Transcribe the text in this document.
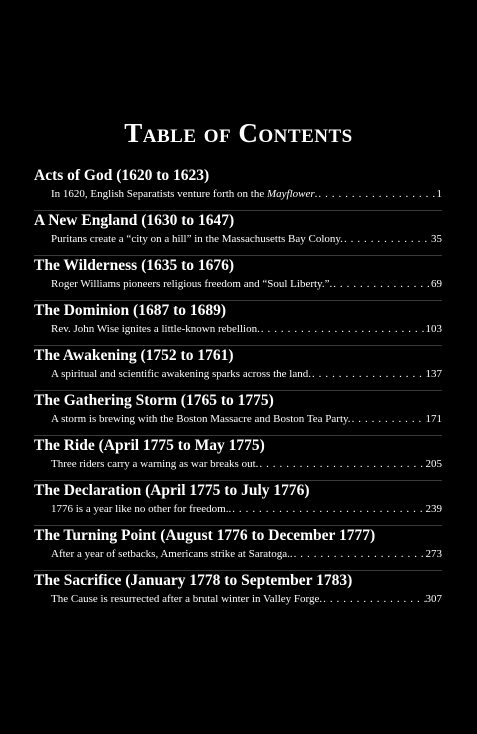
Table of Contents
Acts of God (1620 to 1623)
In 1620, English Separatists venture forth on the Mayflower. . . .	1
A New England (1630 to 1647)
Puritans create a “city on a hill” in the Massachusetts Bay Colony. . . .	35
The Wilderness (1635 to 1676)
Roger Williams pioneers religious freedom and “Soul Liberty.”. . . .	69
The Dominion (1687 to 1689)
Rev. John Wise ignites a little-known rebellion. . . .	103
The Awakening (1752 to 1761)
A spiritual and scientific awakening sparks across the land. . . .	137
The Gathering Storm (1765 to 1775)
A storm is brewing with the Boston Massacre and Boston Tea Party. . . .	171
The Ride (April 1775 to May 1775)
Three riders carry a warning as war breaks out. . . .	205
The Declaration (April 1775 to July 1776)
1776 is a year like no other for freedom.. . . .	239
The Turning Point (August 1776 to December 1777)
After a year of setbacks, Americans strike at Saratoga.. . . .	273
The Sacrifice (January 1778 to September 1783)
The Cause is resurrected after a brutal winter in Valley Forge. . . .	307
